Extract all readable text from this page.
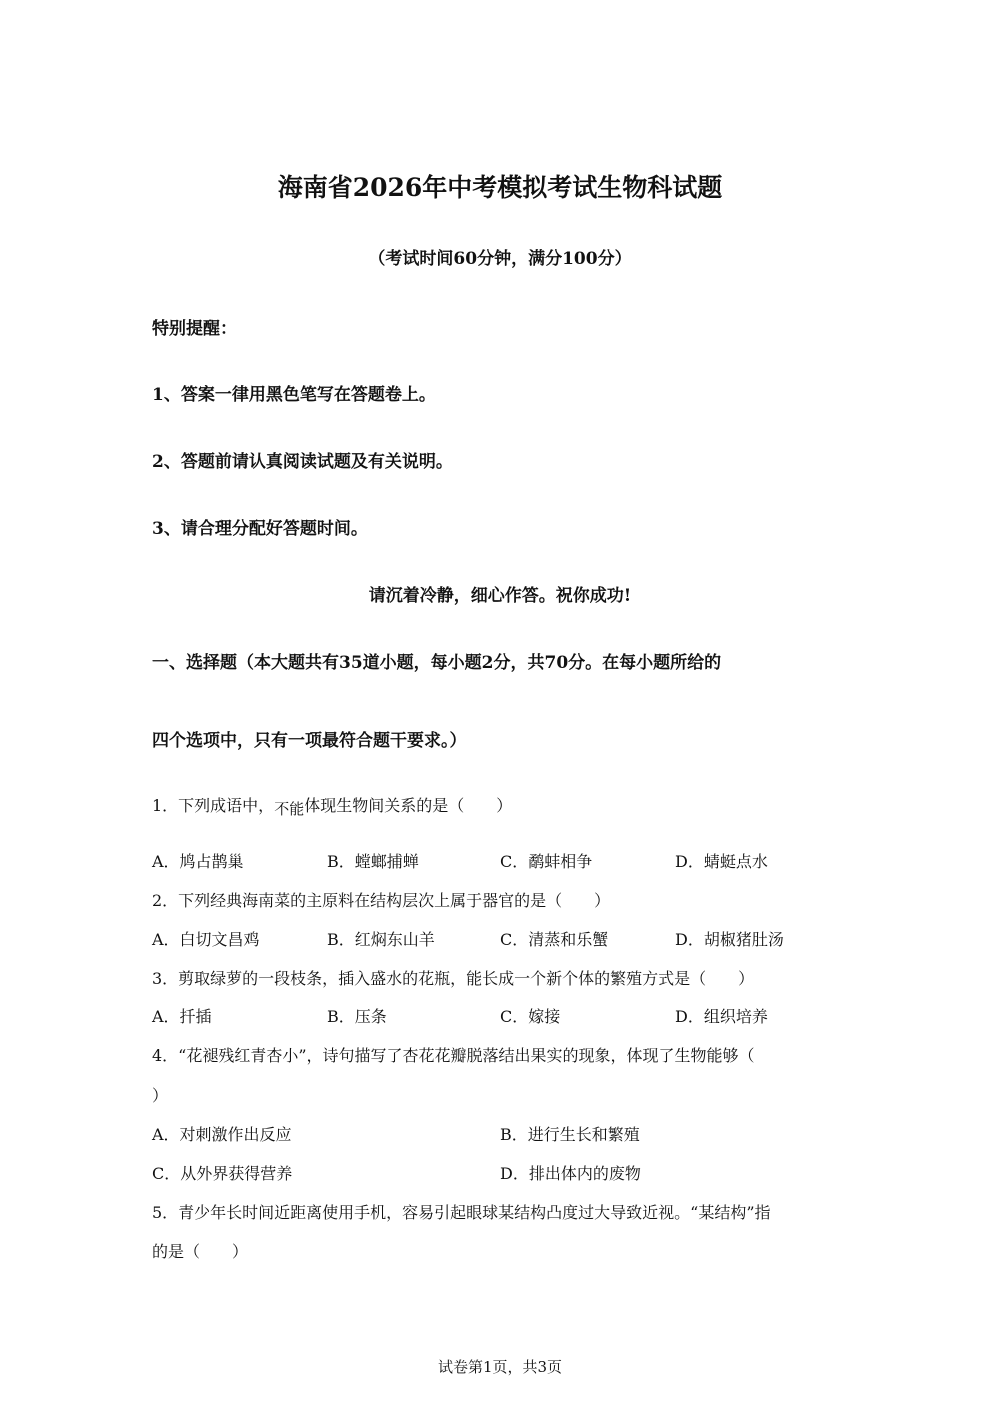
海南省2026年中考模拟考试生物科试题
（考试时间60分钟，满分100分）
特别提醒：
1、答案一律用黑色笔写在答题卷上。
2、答题前请认真阅读试题及有关说明。
3、请合理分配好答题时间。
请沉着冷静，细心作答。祝你成功!
一、选择题（本大题共有35道小题，每小题2分，共70分。在每小题所给的
四个选项中，只有一项最符合题干要求。）
1．下列成语中，不能体现生物间关系的是（　　）
A．鸠占鹊巢	B．螳螂捕蝉	C．鹬蚌相争	D．蜻蜓点水
2．下列经典海南菜的主原料在结构层次上属于器官的是（　　）
A．白切文昌鸡	B．红焖东山羊	C．清蒸和乐蟹	D．胡椒猪肚汤
3．剪取绿萝的一段枝条，插入盛水的花瓶，能长成一个新个体的繁殖方式是（　　）
A．扦插	B．压条	C．嫁接	D．组织培养
4．“花褪残红青杏小”，诗句描写了杏花花瓣脱落结出果实的现象，体现了生物能够（
）
A．对刺激作出反应	B．进行生长和繁殖
C．从外界获得营养	D．排出体内的废物
5．青少年长时间近距离使用手机，容易引起眼球某结构凸度过大导致近视。“某结构”指
的是（　　）
试卷第1页，共3页
